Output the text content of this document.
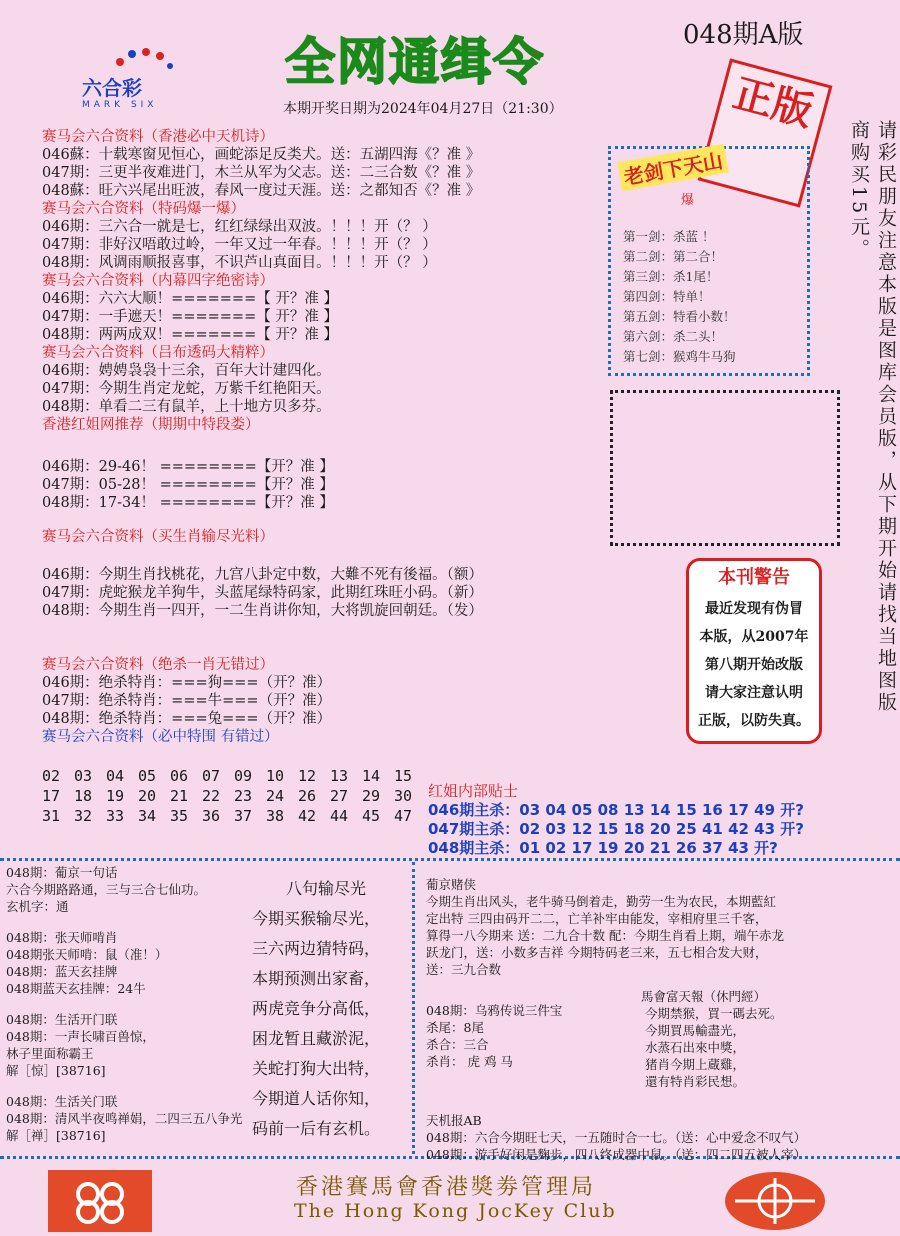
六合彩
MARK SIX
全网通缉令	048期A版
本期开奖日期为2024年04月27日（21:30）	正版
赛马会六合资料（香港必中天机诗）
046蘇：十载寒窗见恒心，画蛇添足反类犬。送：五湖四海《？准 》
047期：三更半夜难进门，木兰从军为父志。送：二三合数《？准 》
048蘇：旺六兴尾出旺波，春风一度过天涯。送：之都知否《？准 》
赛马会六合资料（特码爆一爆）
046期：三六合一就是七，红红绿绿出双波。！！！开（？ ）
047期：非好汉唔敢过岭，一年又过一年春。！！！开（？ ）
048期：风调雨顺报喜事，不识芦山真面目。！！！开（？ ）
赛马会六合资料（内幕四字绝密诗）
046期：六六大顺！=======【 开？准 】
047期：一手遮天！=======【 开？准 】
048期：两两成双！=======【 开？准 】
赛马会六合资料（吕布透码大精粹）
046期：娉娉袅袅十三余，百年大计建四化。
047期：今期生肖定龙蛇，万紫千红艳阳天。
048期：单看二三有鼠羊，上十地方贝多芬。
香港红姐网推荐（期期中特段娄）
046期：29-46！ ========【开？准 】
047期：05-28！ ========【开？准 】
048期：17-34！ ========【开？准 】
赛马会六合资料（买生肖输尽光料）
046期：今期生肖找桃花，九宫八卦定中数，大難不死有後福。（额）
047期：虎蛇猴龙羊狗牛，头蓝尾绿特码家，此期红珠旺小码。（新）
048期：今期生肖一四开，一二生肖讲你知，大将凯旋回朝廷。（发）
赛马会六合资料（绝杀一肖无错过）
046期：绝杀特肖：===狗===（开？准）
047期：绝杀特肖：===牛===（开？准）
048期：绝杀特肖：===兔===（开？准）
赛马会六合资料（必中特围 有错过）
02 03 04 05 06 07 09 10 12 13 14 15
17 18 19 20 21 22 23 24 26 27 29 30
31 32 33 34 35 36 37 38 42 44 45 47
老剑下天山
爆
第一剑：杀蓝 ！
第二剑：第二合！
第三剑：杀1尾！
第四剑：特单！
第五剑：特看小数！
第六剑：杀二头！
第七剑：猴鸡牛马狗
本刊警告
最近发现有伪冒
本版，从2007年
第八期开始改版
请大家注意认明
正版，以防失真。
请彩民朋友注意本版是图库会员版，从下期开始请找当地图版商购买15元。
红姐内部贴士
046期主杀：03 04 05 08 13 14 15 16 17 49 开?
047期主杀：02 03 12 15 18 20 25 41 42 43 开?
048期主杀：01 02 17 19 20 21 26 37 43 开?
048期：葡京一句话
六合今期路路通，三与三合七仙功。
玄机字：通
048期：张天师啃肖
048期张天师啃：鼠（准！）
048期：蓝天玄挂牌
048期蓝天玄挂牌：24牛
048期：生活开门联
048期：一声长啸百兽惊，
林子里面称霸王
解［惊］[38716]
048期：生活关门联
048期：清风半夜鸣禅娟，二四三五八争光
解［禅］[38716]
八句输尽光
今期买猴输尽光，
三六两边猜特码，
本期预测出家畜，
两虎竞争分高低，
困龙暂且藏淤泥，
关蛇打狗大出特，
今期道人话你知，
码前一后有玄机。
葡京赌侠
今期生肖出风头，老牛骑马倒着走，勤劳一生为农民，本期藍紅
定出特 三四由码开二二，亡羊补牢由能发，宰相府里三千客，
算得一八今期来 送：二九合十数 配：今期生肖看上期，端午赤龙
跃龙门，送：小数多吉祥 今期特码老三来，五七相合发大财，
送：三九合数
048期：乌鸦传说三件宝
杀尾：8尾
杀合：三合
杀肖： 虎 鸡 马
馬會富天報（休門經）
今期禁猴，買一碼去死。
今期買馬輸盡光，
水蒸石出來中獎，
猪肖今期上蔵雞，
還有特肖彩民想。
天机报AB
048期：六合今期旺七天，一五随时合一七。（送：心中爱念不叹气）
048期：游手好闲是麴步，四八终成器中鼠。（送：四二四五被人宰）
香港賽馬會香港獎劵管理局
The Hong Kong JocKey Club
